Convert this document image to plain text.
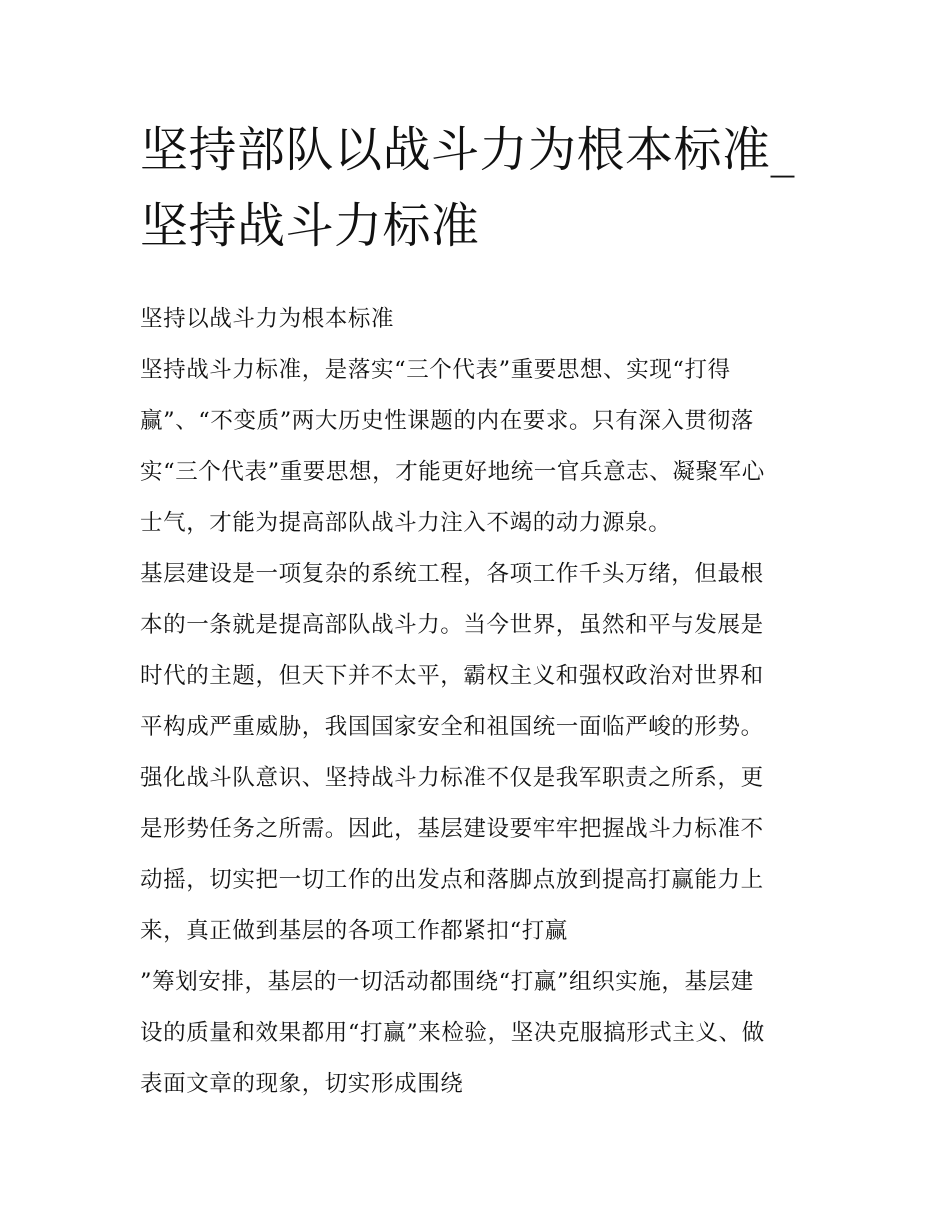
坚持部队以战斗力为根本标准_
坚持战斗力标准
坚持以战斗力为根本标准
坚持战斗力标准，是落实“三个代表”重要思想、实现“打得
赢”、“不变质”两大历史性课题的内在要求。只有深入贯彻落
实“三个代表”重要思想，才能更好地统一官兵意志、凝聚军心
士气，才能为提高部队战斗力注入不竭的动力源泉。
基层建设是一项复杂的系统工程，各项工作千头万绪，但最根
本的一条就是提高部队战斗力。当今世界，虽然和平与发展是
时代的主题，但天下并不太平，霸权主义和强权政治对世界和
平构成严重威胁，我国国家安全和祖国统一面临严峻的形势。
强化战斗队意识、坚持战斗力标准不仅是我军职责之所系，更
是形势任务之所需。因此，基层建设要牢牢把握战斗力标准不
动摇，切实把一切工作的出发点和落脚点放到提高打赢能力上
来，真正做到基层的各项工作都紧扣“打赢
”筹划安排，基层的一切活动都围绕“打赢”组织实施，基层建
设的质量和效果都用“打赢”来检验，坚决克服搞形式主义、做
表面文章的现象，切实形成围绕
